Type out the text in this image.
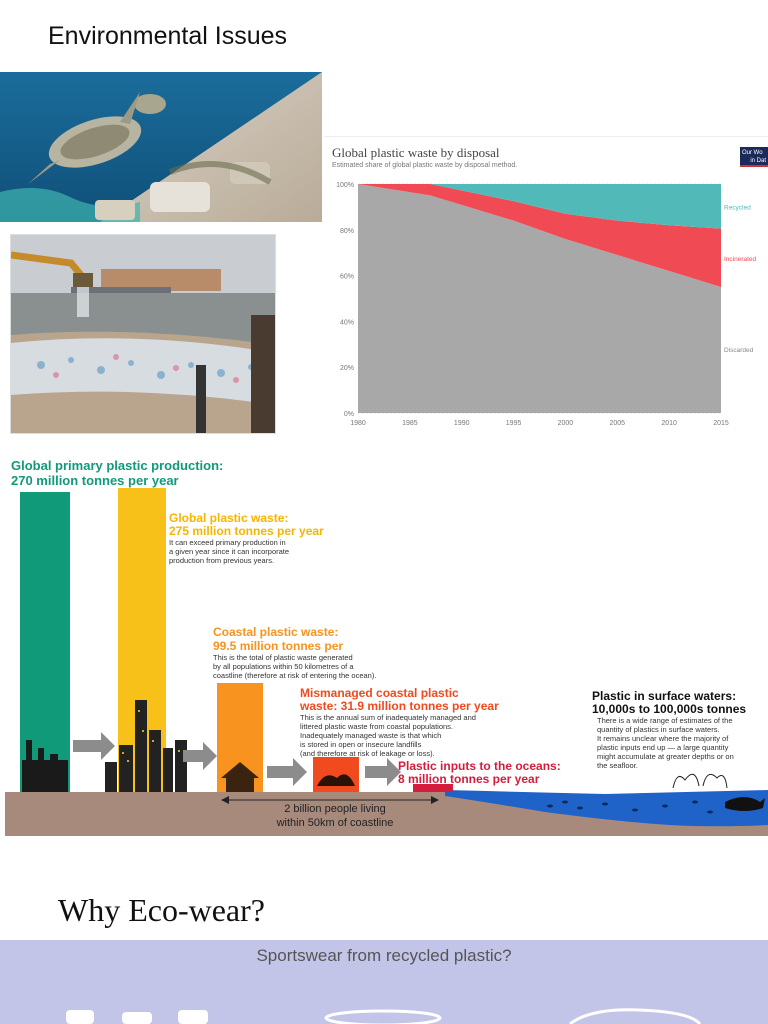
Environmental Issues
0%
20%
40%
60%
80%
100%
1980	1985	1990	1995	2000	2005	2010	2015
Discarded
Incinerated
Recycled
Global plastic waste by disposal
Estimated share of global plastic waste by disposal method.
Our Wo
in Dat
2 billion people living
within 50km of coastline
Global primary plastic production:
270 million tonnes per year
Global plastic waste:
275 million tonnes per year
It can exceed primary production in
a given year since it can incorporate
production from previous years.
Coastal plastic waste:
99.5 million tonnes per
This is the total of plastic waste generated
by all populations within 50 kilometres of a
coastline (therefore at risk of entering the ocean).
Mismanaged coastal plastic
waste: 31.9 million tonnes per year
This is the annual sum of inadequately managed and
littered plastic waste from coastal populations.
Inadequately managed waste is that which
is stored in open or insecure landfills
(and therefore at risk of leakage or loss).
Plastic inputs to the oceans:
8 million tonnes per year
Plastic in surface waters:
10,000s to 100,000s tonnes
There is a wide range of estimates of the
quantity of plastics in surface waters.
It remains unclear where the majority of
plastic inputs end up — a large quantity
might accumulate at greater depths or on
the seafloor.
Why Eco-wear?
Sportswear from recycled plastic?
